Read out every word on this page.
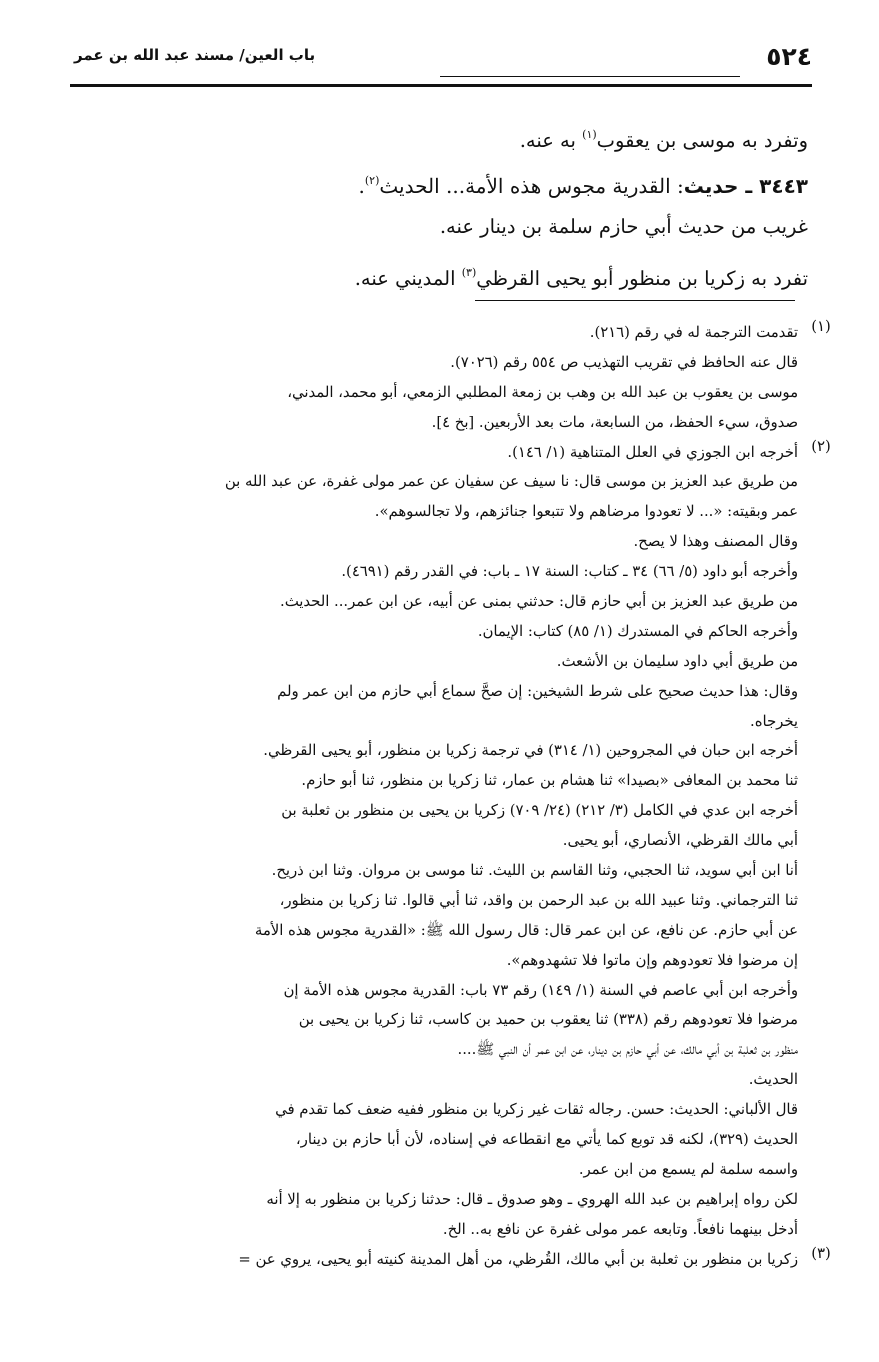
٥٢٤
باب العين/ مسند عبد الله بن عمر
وتفرد به موسى بن يعقوب$^{(١)}$ به عنه.
٣٤٤٣ ـ حديث: القدرية مجوس هذه الأمة... الحديث$^{(٢)}$.
غريب من حديث أبي حازم سلمة بن دينار عنه.
تفرد به زكريا بن منظور أبو يحيى القرظي$^{(٣)}$ المديني عنه.
(١)
تقدمت الترجمة له في رقم (٢١٦).
قال عنه الحافظ في تقريب التهذيب ص ٥٥٤ رقم (٧٠٢٦).
موسى بن يعقوب بن عبد الله بن وهب بن زمعة المطلبي الزمعي، أبو محمد، المدني،
صدوق، سيء الحفظ، من السابعة، مات بعد الأربعين. [بخ ٤].
(٢)
أخرجه ابن الجوزي في العلل المتناهية (١/ ١٤٦).
من طريق عبد العزيز بن موسى قال: نا سيف عن سفيان عن عمر مولى غفرة، عن عبد الله بن
عمر وبقيته: «... لا تعودوا مرضاهم ولا تتبعوا جنائزهم، ولا تجالسوهم».
وقال المصنف وهذا لا يصح.
وأخرجه أبو داود (٥/ ٦٦) ٣٤ ـ كتاب: السنة ١٧ ـ باب: في القدر رقم (٤٦٩١).
من طريق عبد العزيز بن أبي حازم قال: حدثني بمنى عن أبيه، عن ابن عمر... الحديث.
وأخرجه الحاكم في المستدرك (١/ ٨٥) كتاب: الإيمان.
من طريق أبي داود سليمان بن الأشعث.
وقال: هذا حديث صحيح على شرط الشيخين: إن صحَّ سماع أبي حازم من ابن عمر ولم
يخرجاه.
أخرجه ابن حبان في المجروحين (١/ ٣١٤) في ترجمة زكريا بن منظور، أبو يحيى القرظي.
ثنا محمد بن المعافى «بصيدا» ثنا هشام بن عمار، ثنا زكريا بن منظور، ثنا أبو حازم.
أخرجه ابن عدي في الكامل (٣/ ٢١٢) (٢٤/ ٧٠٩) زكريا بن يحيى بن منظور بن ثعلبة بن
أبي مالك القرظي، الأنصاري، أبو يحيى.
أنا ابن أبي سويد، ثنا الحجبي، وثنا القاسم بن الليث. ثنا موسى بن مروان. وثنا ابن ذريح.
ثنا الترجماني. وثنا عبيد الله بن عبد الرحمن بن واقد، ثنا أبي قالوا. ثنا زكريا بن منظور،
عن أبي حازم. عن نافع، عن ابن عمر قال: قال رسول الله ﷺ: «القدرية مجوس هذه الأمة
إن مرضوا فلا تعودوهم وإن ماتوا فلا تشهدوهم».
وأخرجه ابن أبي عاصم في السنة (١/ ١٤٩) رقم ٧٣ باب: القدرية مجوس هذه الأمة إن
مرضوا فلا تعودوهم رقم (٣٣٨) ثنا يعقوب بن حميد بن كاسب، ثنا زكريا بن يحيى بن
منظور بن ثعلبة بن أبي مالك، عن أبي حازم بن دينار، عن ابن عمر أن النبي ﷺ....
الحديث.
قال الألباني: الحديث: حسن. رجاله ثقات غير زكريا بن منظور ففيه ضعف كما تقدم في
الحديث (٣٢٩)، لكنه قد توبع كما يأتي مع انقطاعه في إسناده، لأن أبا حازم بن دينار،
واسمه سلمة لم يسمع من ابن عمر.
لكن رواه إبراهيم بن عبد الله الهروي ـ وهو صدوق ـ قال: حدثنا زكريا بن منظور به إلا أنه
أدخل بينهما نافعاً. وتابعه عمر مولى غفرة عن نافع به.. الخ.
(٣)
زكريا بن منظور بن ثعلبة بن أبي مالك، القُرظي، من أهل المدينة كنيته أبو يحيى، يروي عن =
